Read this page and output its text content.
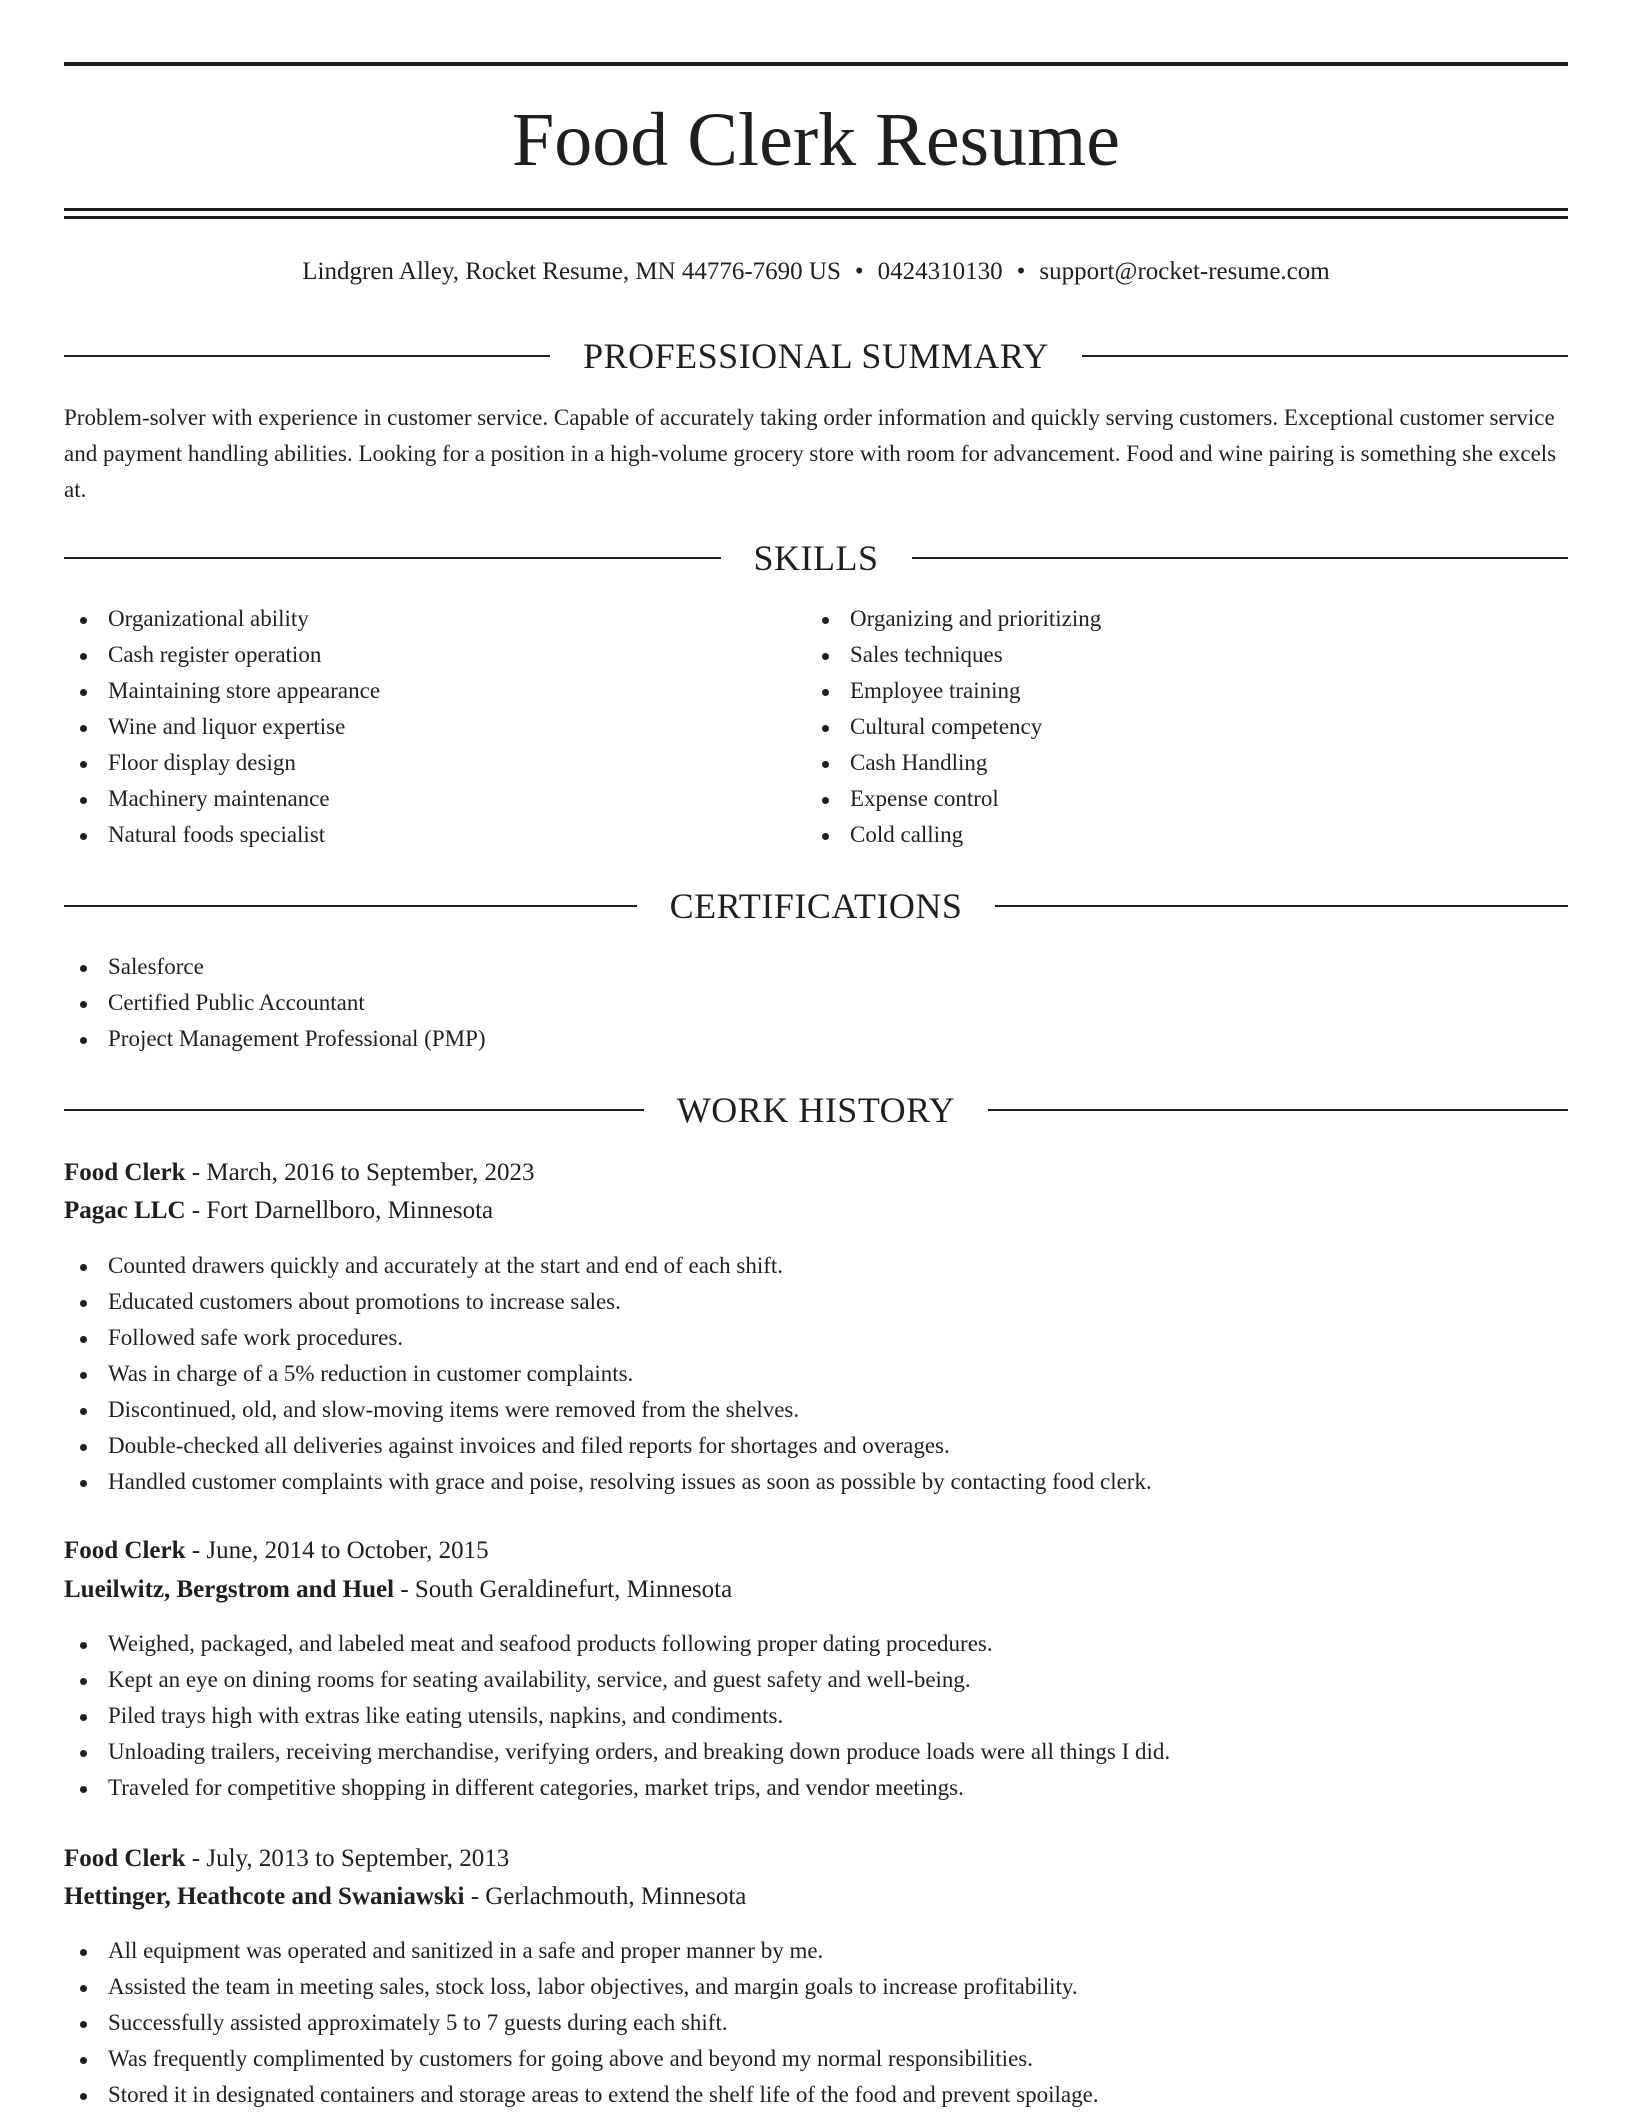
Food Clerk Resume
Lindgren Alley, Rocket Resume, MN 44776-7690 US • 0424310130 • support@rocket-resume.com
PROFESSIONAL SUMMARY
Problem-solver with experience in customer service. Capable of accurately taking order information and quickly serving customers. Exceptional customer service and payment handling abilities. Looking for a position in a high-volume grocery store with room for advancement. Food and wine pairing is something she excels at.
SKILLS
Organizational ability
Cash register operation
Maintaining store appearance
Wine and liquor expertise
Floor display design
Machinery maintenance
Natural foods specialist
Organizing and prioritizing
Sales techniques
Employee training
Cultural competency
Cash Handling
Expense control
Cold calling
CERTIFICATIONS
Salesforce
Certified Public Accountant
Project Management Professional (PMP)
WORK HISTORY
Food Clerk - March, 2016 to September, 2023
Pagac LLC - Fort Darnellboro, Minnesota
Counted drawers quickly and accurately at the start and end of each shift.
Educated customers about promotions to increase sales.
Followed safe work procedures.
Was in charge of a 5% reduction in customer complaints.
Discontinued, old, and slow-moving items were removed from the shelves.
Double-checked all deliveries against invoices and filed reports for shortages and overages.
Handled customer complaints with grace and poise, resolving issues as soon as possible by contacting food clerk.
Food Clerk - June, 2014 to October, 2015
Lueilwitz, Bergstrom and Huel - South Geraldinefurt, Minnesota
Weighed, packaged, and labeled meat and seafood products following proper dating procedures.
Kept an eye on dining rooms for seating availability, service, and guest safety and well-being.
Piled trays high with extras like eating utensils, napkins, and condiments.
Unloading trailers, receiving merchandise, verifying orders, and breaking down produce loads were all things I did.
Traveled for competitive shopping in different categories, market trips, and vendor meetings.
Food Clerk - July, 2013 to September, 2013
Hettinger, Heathcote and Swaniawski - Gerlachmouth, Minnesota
All equipment was operated and sanitized in a safe and proper manner by me.
Assisted the team in meeting sales, stock loss, labor objectives, and margin goals to increase profitability.
Successfully assisted approximately 5 to 7 guests during each shift.
Was frequently complimented by customers for going above and beyond my normal responsibilities.
Stored it in designated containers and storage areas to extend the shelf life of the food and prevent spoilage.
